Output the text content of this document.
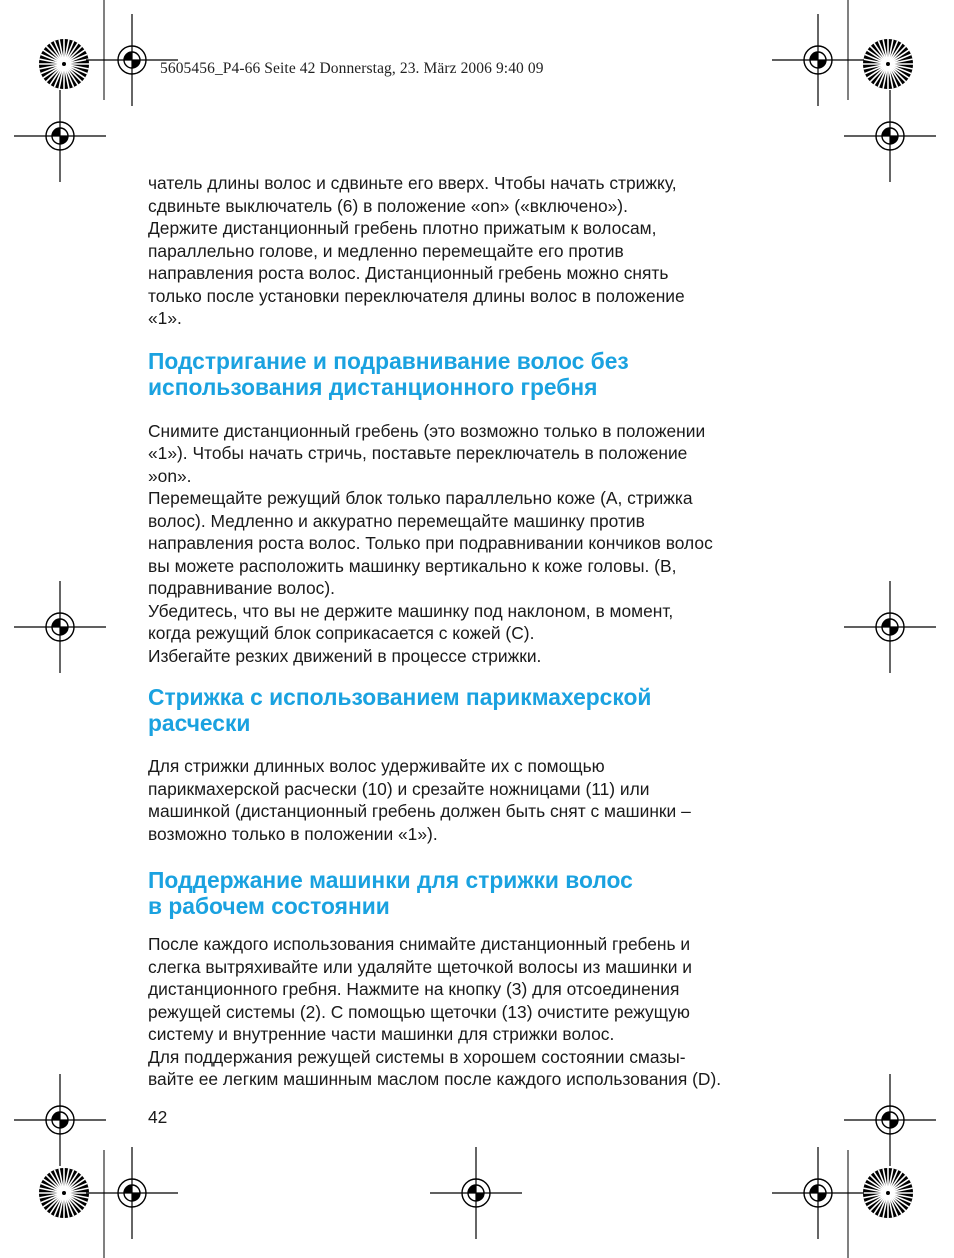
5605456_P4-66 Seite 42 Donnerstag, 23. März 2006 9:40 09

чатель длины волос и сдвиньте его вверх. Чтобы начать стрижку,
сдвиньте выключатель (6) в положение «on» («включено»).
Держите дистанционный гребень плотно прижатым к волосам,
параллельно голове, и медленно перемещайте его против
направления роста волос. Дистанционный гребень можно снять
только после установки переключателя длины волос в положение
«1».

Подстригание и подравнивание волос без
использования дистанционного гребня

Снимите дистанционный гребень (это возможно только в положении
«1»). Чтобы начать стричь, поставьте переключатель в положение
»on».

Перемещайте режущий блок только параллельно коже (А, стрижка
волос). Медленно и аккуратно перемещайте машинку против
направления роста волос. Только при подравнивании кончиков волос
вы можете расположить машинку вертикально к коже головы. (В,
подравнивание волос).

Убедитесь, что вы не держите машинку под наклоном, в момент,
когда режущий блок соприкасается с кожей (С).

Избегайте резких движений в процессе стрижки.

Стрижка с использованием парикмахерской
расчески

Для стрижки длинных волос удерживайте их с помощью
парикмахерской расчески (10) и срезайте ножницами (11) или
машинкой (дистанционный гребень должен быть снят с машинки –
возможно только в положении «1»).

Поддержание машинки для стрижки волос
в рабочем состоянии

После каждого использования снимайте дистанционный гребень и
слегка вытряхивайте или удаляйте щеточкой волосы из машинки и
дистанционного гребня. Нажмите на кнопку (3) для отсоединения
режущей системы (2). С помощью щеточки (13) очистите режущую
систему и внутренние части машинки для стрижки волос.

Для поддержания режущей системы в хорошем состоянии смазы-
вайте ее легким машинным маслом после каждого использования (D).

42
